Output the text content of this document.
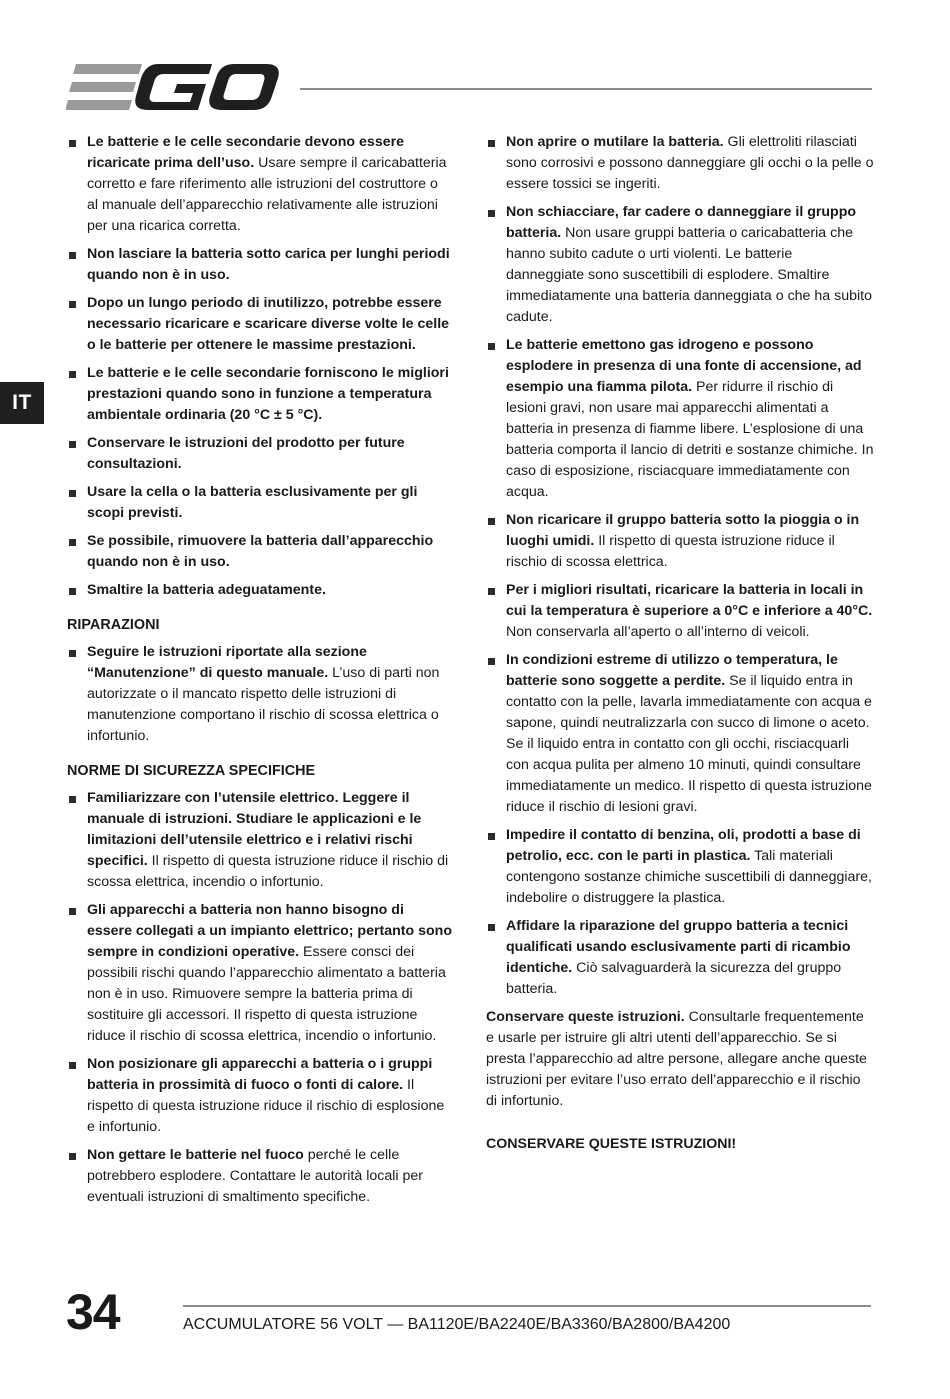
IT
Le batterie e le celle secondarie devono essere ricaricate prima dell’uso. Usare sempre il caricabatteria corretto e fare riferimento alle istruzioni del costruttore o al manuale dell’apparecchio relativamente alle istruzioni per una ricarica corretta.
Non lasciare la batteria sotto carica per lunghi periodi quando non è in uso.
Dopo un lungo periodo di inutilizzo, potrebbe essere necessario ricaricare e scaricare diverse volte le celle o le batterie per ottenere le massime prestazioni.
Le batterie e le celle secondarie forniscono le migliori prestazioni quando sono in funzione a temperatura ambientale ordinaria (20 °C ± 5 °C).
Conservare le istruzioni del prodotto per future consultazioni.
Usare la cella o la batteria esclusivamente per gli scopi previsti.
Se possibile, rimuovere la batteria dall’apparecchio quando non è in uso.
Smaltire la batteria adeguatamente.
RIPARAZIONI
Seguire le istruzioni riportate alla sezione “Manutenzione” di questo manuale. L’uso di parti non autorizzate o il mancato rispetto delle istruzioni di manutenzione comportano il rischio di scossa elettrica o infortunio.
NORME DI SICUREZZA SPECIFICHE
Familiarizzare con l’utensile elettrico. Leggere il manuale di istruzioni. Studiare le applicazioni e le limitazioni dell’utensile elettrico e i relativi rischi specifici. Il rispetto di questa istruzione riduce il rischio di scossa elettrica, incendio o infortunio.
Gli apparecchi a batteria non hanno bisogno di essere collegati a un impianto elettrico; pertanto sono sempre in condizioni operative. Essere consci dei possibili rischi quando l’apparecchio alimentato a batteria non è in uso. Rimuovere sempre la batteria prima di sostituire gli accessori. Il rispetto di questa istruzione riduce il rischio di scossa elettrica, incendio o infortunio.
Non posizionare gli apparecchi a batteria o i gruppi batteria in prossimità di fuoco o fonti di calore. Il rispetto di questa istruzione riduce il rischio di esplosione e infortunio.
Non gettare le batterie nel fuoco perché le celle potrebbero esplodere. Contattare le autorità locali per eventuali istruzioni di smaltimento specifiche.
Non aprire o mutilare la batteria. Gli elettroliti rilasciati sono corrosivi e possono danneggiare gli occhi o la pelle o essere tossici se ingeriti.
Non schiacciare, far cadere o danneggiare il gruppo batteria. Non usare gruppi batteria o caricabatteria che hanno subito cadute o urti violenti. Le batterie danneggiate sono suscettibili di esplodere. Smaltire immediatamente una batteria danneggiata o che ha subito cadute.
Le batterie emettono gas idrogeno e possono esplodere in presenza di una fonte di accensione, ad esempio una fiamma pilota. Per ridurre il rischio di lesioni gravi, non usare mai apparecchi alimentati a batteria in presenza di fiamme libere. L’esplosione di una batteria comporta il lancio di detriti e sostanze chimiche. In caso di esposizione, risciacquare immediatamente con acqua.
Non ricaricare il gruppo batteria sotto la pioggia o in luoghi umidi. Il rispetto di questa istruzione riduce il rischio di scossa elettrica.
Per i migliori risultati, ricaricare la batteria in locali in cui la temperatura è superiore a 0°C e inferiore a 40°C. Non conservarla all’aperto o all’interno di veicoli.
In condizioni estreme di utilizzo o temperatura, le batterie sono soggette a perdite. Se il liquido entra in contatto con la pelle, lavarla immediatamente con acqua e sapone, quindi neutralizzarla con succo di limone o aceto. Se il liquido entra in contatto con gli occhi, risciacquarli con acqua pulita per almeno 10 minuti, quindi consultare immediatamente un medico. Il rispetto di questa istruzione riduce il rischio di lesioni gravi.
Impedire il contatto di benzina, oli, prodotti a base di petrolio, ecc. con le parti in plastica. Tali materiali contengono sostanze chimiche suscettibili di danneggiare, indebolire o distruggere la plastica.
Affidare la riparazione del gruppo batteria a tecnici qualificati usando esclusivamente parti di ricambio identiche. Ciò salvaguarderà la sicurezza del gruppo batteria.

Conservare queste istruzioni. Consultarle frequentemente e usarle per istruire gli altri utenti dell’apparecchio. Se si presta l’apparecchio ad altre persone, allegare anche queste istruzioni per evitare l’uso errato dell’apparecchio e il rischio di infortunio.

CONSERVARE QUESTE ISTRUZIONI!
34	ACCUMULATORE 56 VOLT — BA1120E/BA2240E/BA3360/BA2800/BA4200
